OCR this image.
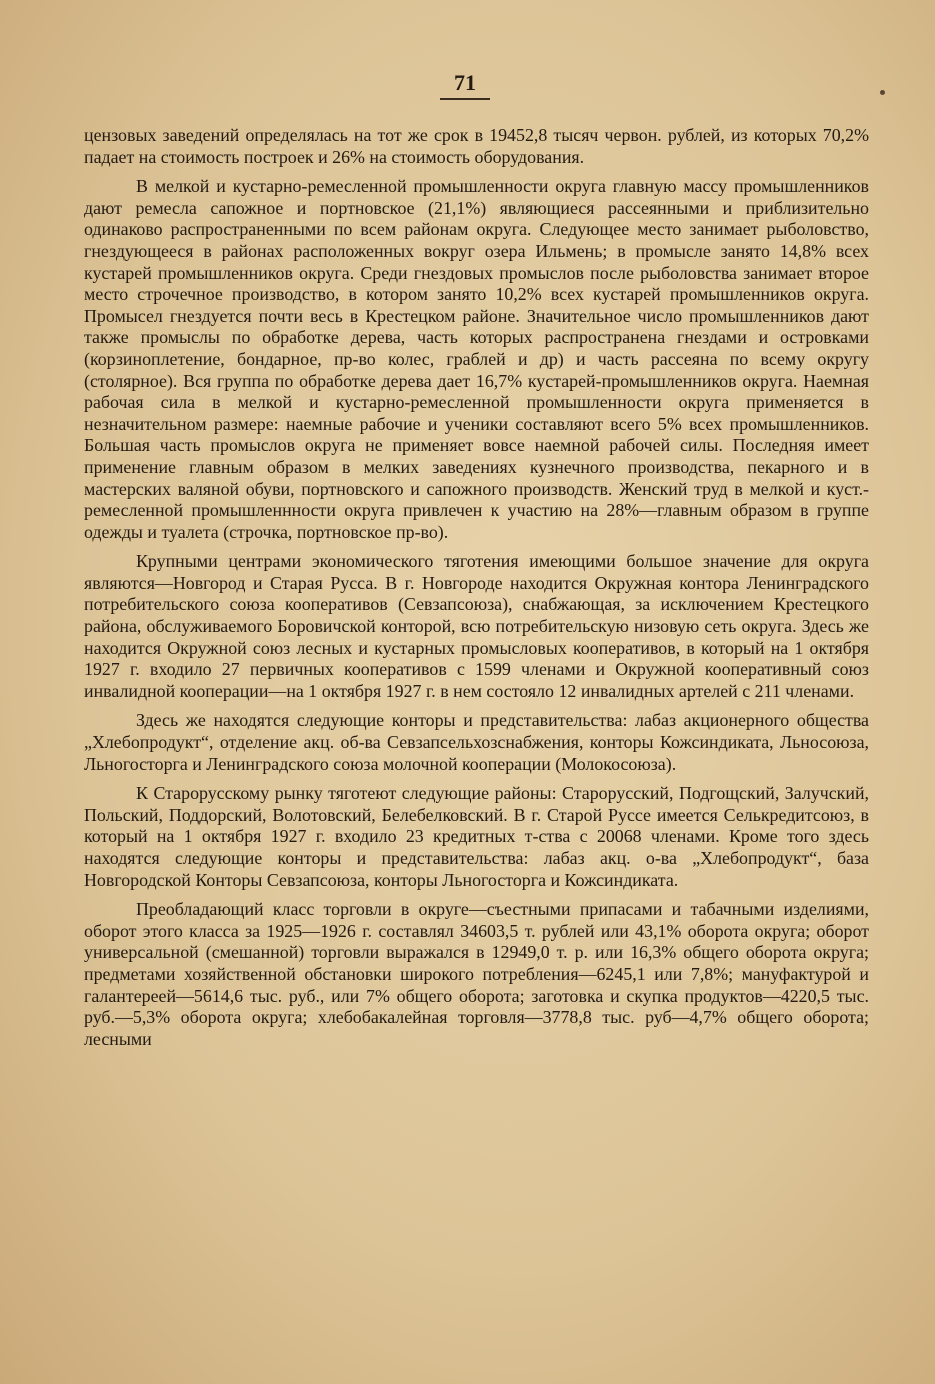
71

цензовых заведений определялась на тот же срок в 19452,8 тысяч червон. рублей, из которых 70,2% падает на стоимость построек и 26% на стоимость оборудования.

В мелкой и кустарно-ремесленной промышленности округа главную массу промышленников дают ремесла сапожное и портновское (21,1%) являющиеся рассеянными и приблизительно одинаково распространенными по всем районам округа. Следующее место занимает рыболовство, гнездующееся в районах расположенных вокруг озера Ильмень; в промысле занято 14,8% всех кустарей промышленников округа. Среди гнездовых промыслов после рыболовства занимает второе место строчечное производство, в котором занято 10,2% всех кустарей промышленников округа. Промысел гнездуется почти весь в Крестецком районе. Значительное число промышленников дают также промыслы по обработке дерева, часть которых распространена гнездами и островками (корзиноплетение, бондарное, пр-во колес, граблей и др) и часть рассеяна по всему округу (столярное). Вся группа по обработке дерева дает 16,7% кустарей-промышленников округа. Наемная рабочая сила в мелкой и кустарно-ремесленной промышленности округа применяется в незначительном размере: наемные рабочие и ученики составляют всего 5% всех промышленников. Большая часть промыслов округа не применяет вовсе наемной рабочей силы. Последняя имеет применение главным образом в мелких заведениях кузнечного производства, пекарного и в мастерских валяной обуви, портновского и сапожного производств. Женский труд в мелкой и куст.-ремесленной промышленнности округа привлечен к участию на 28%—главным образом в группе одежды и туалета (строчка, портновское пр-во).

Крупными центрами экономического тяготения имеющими большое значение для округа являются—Новгород и Старая Русса. В г. Новгороде находится Окружная контора Ленинградского потребительского союза кооперативов (Севзапсоюза), снабжающая, за исключением Крестецкого района, обслуживаемого Боровичской конторой, всю потребительскую низовую сеть округа. Здесь же находится Окружной союз лесных и кустарных промысловых кооперативов, в который на 1 октября 1927 г. входило 27 первичных кооперативов с 1599 членами и Окружной кооперативный союз инвалидной кооперации—на 1 октября 1927 г. в нем состояло 12 инвалидных артелей с 211 членами.

Здесь же находятся следующие конторы и представительства: лабаз акционерного общества „Хлебопродукт“, отделение акц. об-ва Севзапсельхозснабжения, конторы Кожсиндиката, Льносоюза, Льногосторга и Ленинградского союза молочной кооперации (Молокосоюза).

К Старорусскому рынку тяготеют следующие районы: Старорусский, Подгощский, Залучский, Польский, Поддорский, Волотовский, Белебелковский. В г. Старой Руссе имеется Селькредитсоюз, в который на 1 октября 1927 г. входило 23 кредитных т-ства с 20068 членами. Кроме того здесь находятся следующие конторы и представительства: лабаз акц. о-ва „Хлебопродукт“, база Новгородской Конторы Севзапсоюза, конторы Льногосторга и Кожсиндиката.

Преобладающий класс торговли в округе—съестными припасами и табачными изделиями, оборот этого класса за 1925—1926 г. составлял 34603,5 т. рублей или 43,1% оборота округа; оборот универсальной (смешанной) торговли выражался в 12949,0 т. р. или 16,3% общего оборота округа; предметами хозяйственной обстановки широкого потребления—6245,1 или 7,8%; мануфактурой и галантереей—5614,6 тыс. руб., или 7% общего оборота; заготовка и скупка продуктов—4220,5 тыс. руб.—5,3% оборота округа; хлебобакалейная торговля—3778,8 тыс. руб—4,7% общего оборота; лесными
